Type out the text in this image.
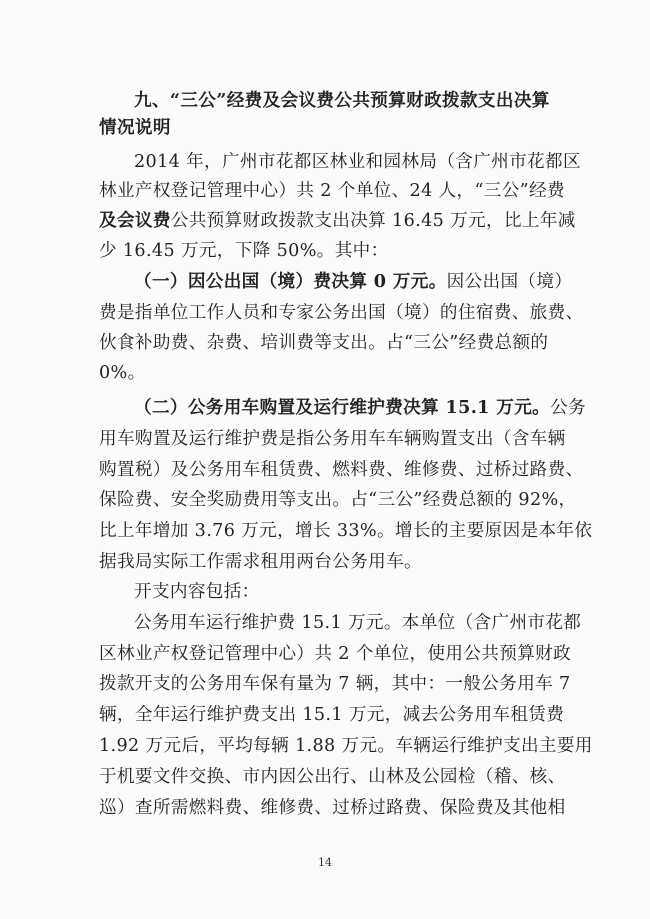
九、“三公”经费及会议费公共预算财政拨款支出决算
情况说明
2014 年，广州市花都区林业和园林局（含广州市花都区
林业产权登记管理中心）共 2 个单位、24 人，“三公”经费
及会议费公共预算财政拨款支出决算 16.45 万元，比上年减
少 16.45 万元，下降 50%。其中：
（一）因公出国（境）费决算 0 万元。因公出国（境）
费是指单位工作人员和专家公务出国（境）的住宿费、旅费、
伙食补助费、杂费、培训费等支出。占“三公”经费总额的
0%。
（二）公务用车购置及运行维护费决算 15.1 万元。公务
用车购置及运行维护费是指公务用车车辆购置支出（含车辆
购置税）及公务用车租赁费、燃料费、维修费、过桥过路费、
保险费、安全奖励费用等支出。占“三公”经费总额的 92%，
比上年增加 3.76 万元，增长 33%。增长的主要原因是本年依
据我局实际工作需求租用两台公务用车。
开支内容包括：
公务用车运行维护费 15.1 万元。本单位（含广州市花都
区林业产权登记管理中心）共 2 个单位，使用公共预算财政
拨款开支的公务用车保有量为 7 辆，其中：一般公务用车 7
辆，全年运行维护费支出 15.1 万元，减去公务用车租赁费
1.92 万元后，平均每辆 1.88 万元。车辆运行维护支出主要用
于机要文件交换、市内因公出行、山林及公园检（稽、核、
巡）查所需燃料费、维修费、过桥过路费、保险费及其他相
14
